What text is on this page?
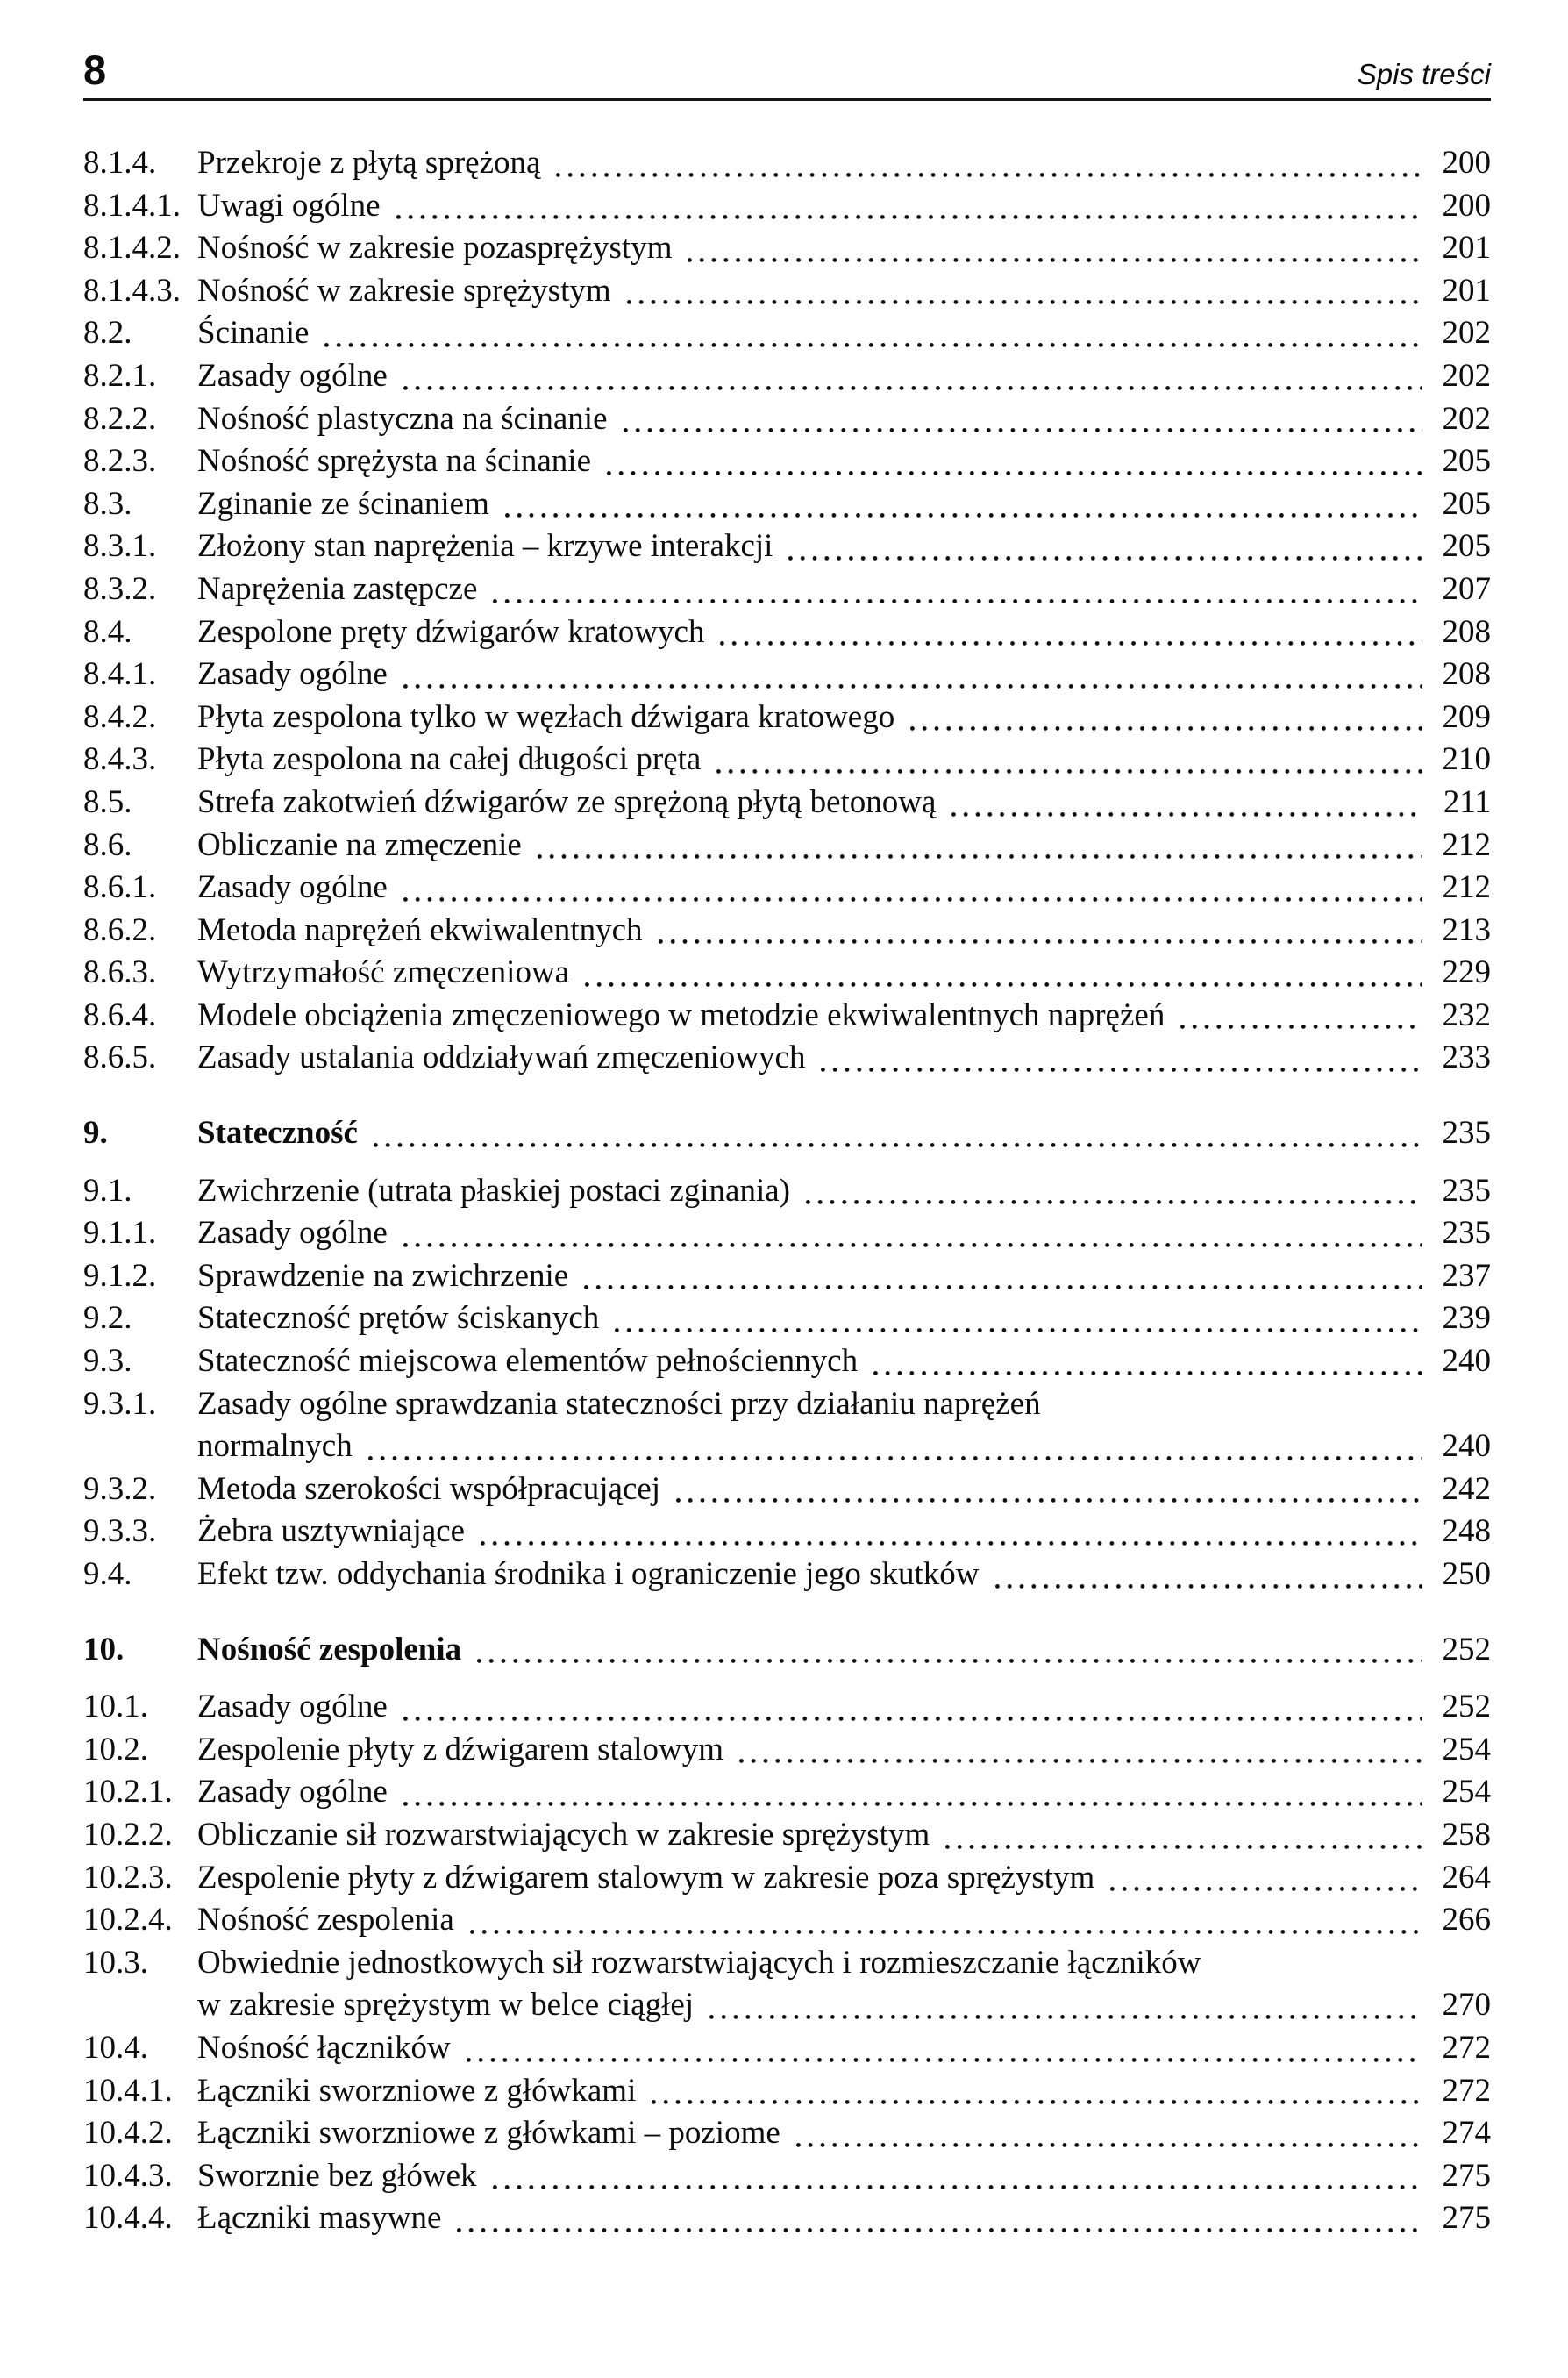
8	Spis treści
8.1.4.	Przekroje z płytą sprężoną	200
8.1.4.1. Uwagi ogólne	200
8.1.4.2. Nośność w zakresie pozasprężystym	201
8.1.4.3. Nośność w zakresie sprężystym	201
8.2.	Ścinanie	202
8.2.1.	Zasady ogólne	202
8.2.2.	Nośność plastyczna na ścinanie	202
8.2.3.	Nośność sprężysta na ścinanie	205
8.3.	Zginanie ze ścinaniem	205
8.3.1.	Złożony stan naprężenia – krzywe interakcji	205
8.3.2.	Naprężenia zastępcze	207
8.4.	Zespolone pręty dźwigarów kratowych	208
8.4.1.	Zasady ogólne	208
8.4.2.	Płyta zespolona tylko w węzłach dźwigara kratowego	209
8.4.3.	Płyta zespolona na całej długości pręta	210
8.5.	Strefa zakotwień dźwigarów ze sprężoną płytą betonową	211
8.6.	Obliczanie na zmęczenie	212
8.6.1.	Zasady ogólne	212
8.6.2.	Metoda naprężeń ekwiwalentnych	213
8.6.3.	Wytrzymałość zmęczeniowa	229
8.6.4.	Modele obciążenia zmęczeniowego w metodzie ekwiwalentnych naprężeń	232
8.6.5.	Zasady ustalania oddziaływań zmęczeniowych	233
9.	Stateczność	235
9.1.	Zwichrzenie (utrata płaskiej postaci zginania)	235
9.1.1.	Zasady ogólne	235
9.1.2.	Sprawdzenie na zwichrzenie	237
9.2.	Stateczność prętów ściskanych	239
9.3.	Stateczność miejscowa elementów pełnościennych	240
9.3.1.	Zasady ogólne sprawdzania stateczności przy działaniu naprężeń
normalnych	240
9.3.2.	Metoda szerokości współpracującej	242
9.3.3.	Żebra usztywniające	248
9.4.	Efekt tzw. oddychania środnika i ograniczenie jego skutków	250
10.	Nośność zespolenia	252
10.1.	Zasady ogólne	252
10.2.	Zespolenie płyty z dźwigarem stalowym	254
10.2.1. Zasady ogólne	254
10.2.2. Obliczanie sił rozwarstwiających w zakresie sprężystym	258
10.2.3. Zespolenie płyty z dźwigarem stalowym w zakresie poza sprężystym	264
10.2.4. Nośność zespolenia	266
10.3.	Obwiednie jednostkowych sił rozwarstwiających i rozmieszczanie łączników
w zakresie sprężystym w belce ciągłej	270
10.4.	Nośność łączników	272
10.4.1. Łączniki sworzniowe z główkami	272
10.4.2. Łączniki sworzniowe z główkami – poziome	274
10.4.3. Sworznie bez główek	275
10.4.4. Łączniki masywne	275
